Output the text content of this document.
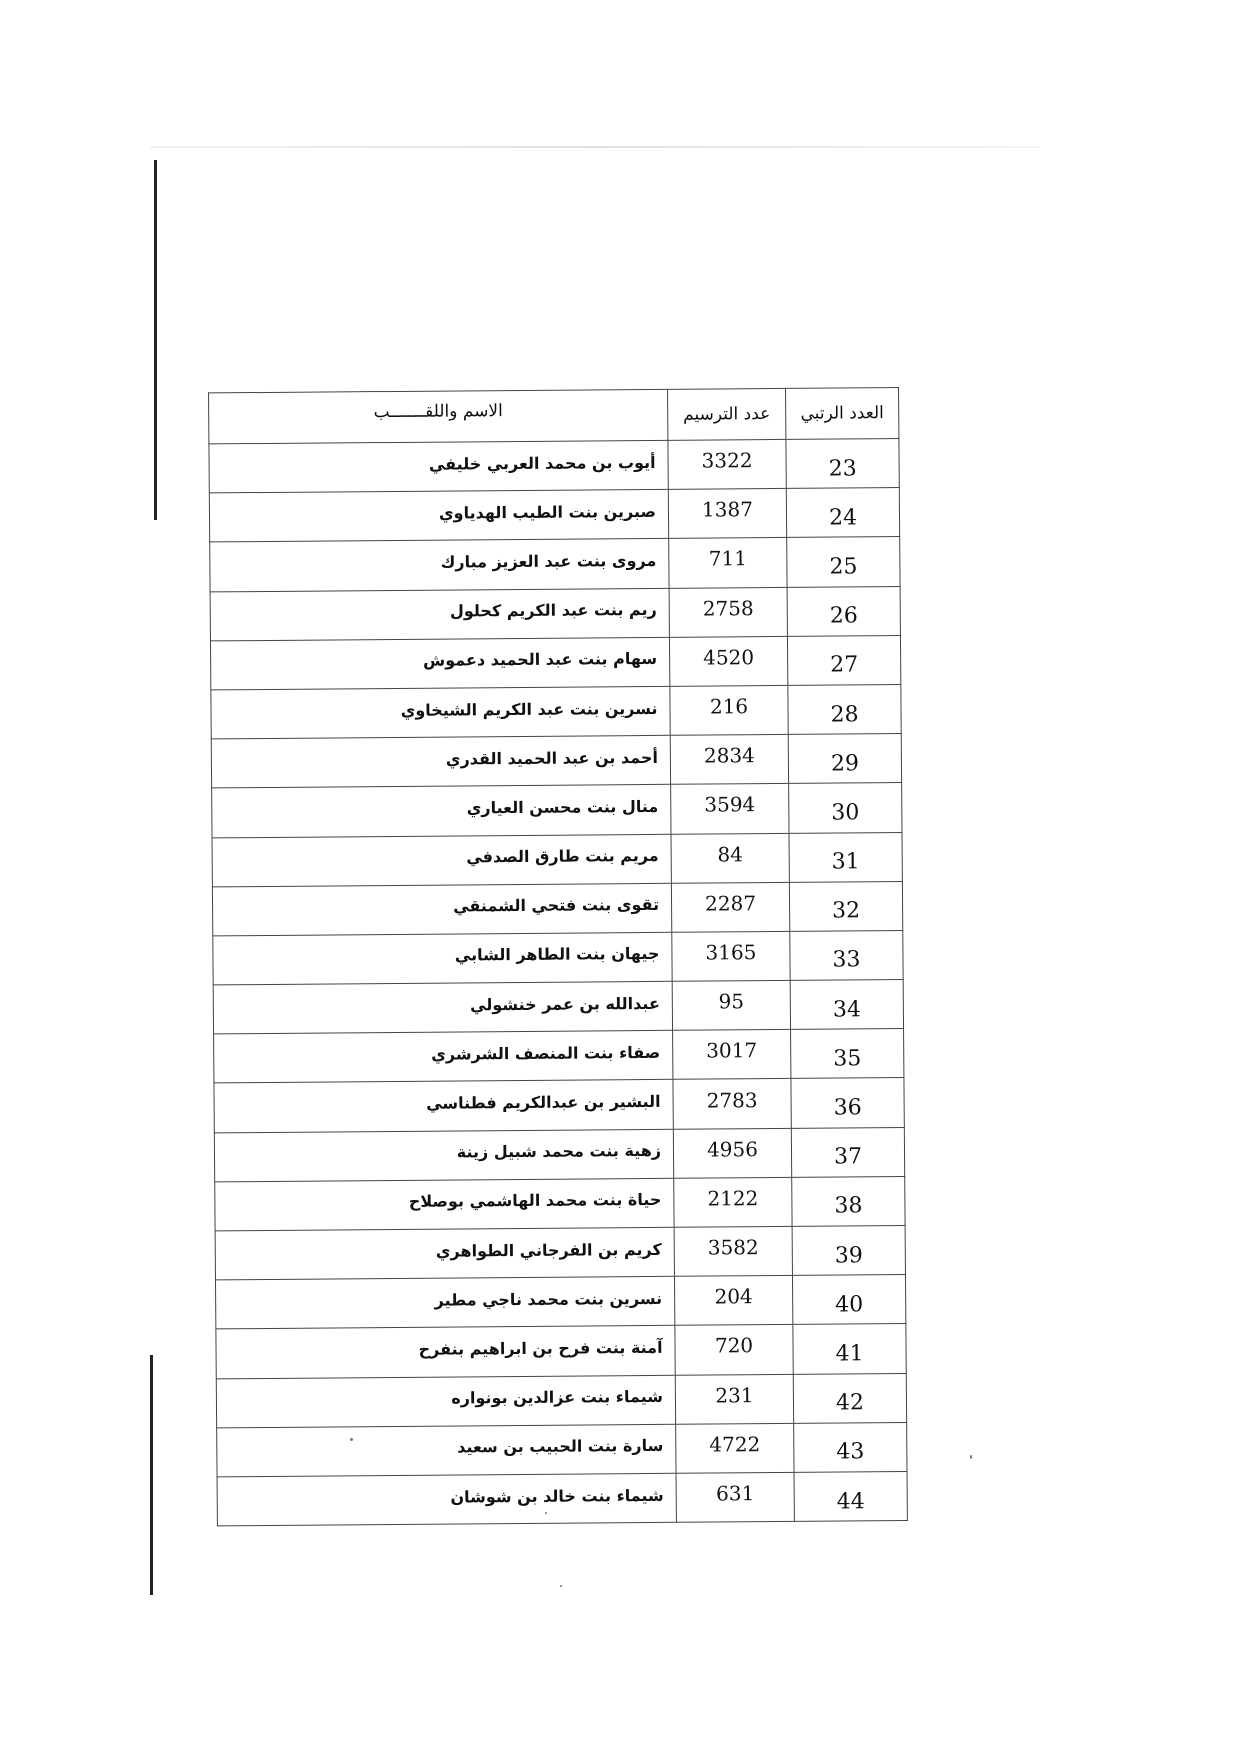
العدد الرتبي	عدد الترسيم	الاسم واللقـــــــب
23	3322	أيوب بن محمد العربي خليفي
24	1387	صبرين بنت الطيب الهدياوي
25	711	مروى بنت عبد العزيز مبارك
26	2758	ريم بنت عبد الكريم كحلول
27	4520	سهام بنت عبد الحميد دعموش
28	216	نسرين بنت عبد الكريم الشيخاوي
29	2834	أحمد بن عبد الحميد القدري
30	3594	منال بنت محسن العياري
31	84	مريم بنت طارق الصدفي
32	2287	تقوى بنت فتحي الشمنقي
33	3165	جيهان بنت الطاهر الشابي
34	95	عبدالله بن عمر خنشولي
35	3017	صفاء بنت المنصف الشرشري
36	2783	البشير بن عبدالكريم فطناسي
37	4956	زهية بنت محمد شبيل زينة
38	2122	حياة بنت محمد الهاشمي بوصلاح
39	3582	كريم بن الفرجاني الطواهري
40	204	نسرين بنت محمد ناجي مطير
41	720	آمنة بنت فرح بن ابراهيم بنفرح
42	231	شيماء بنت عزالدين بونواره
43	4722	سارة بنت الحبيب بن سعيد
44	631	شيماء بنت خالد بن شوشان
